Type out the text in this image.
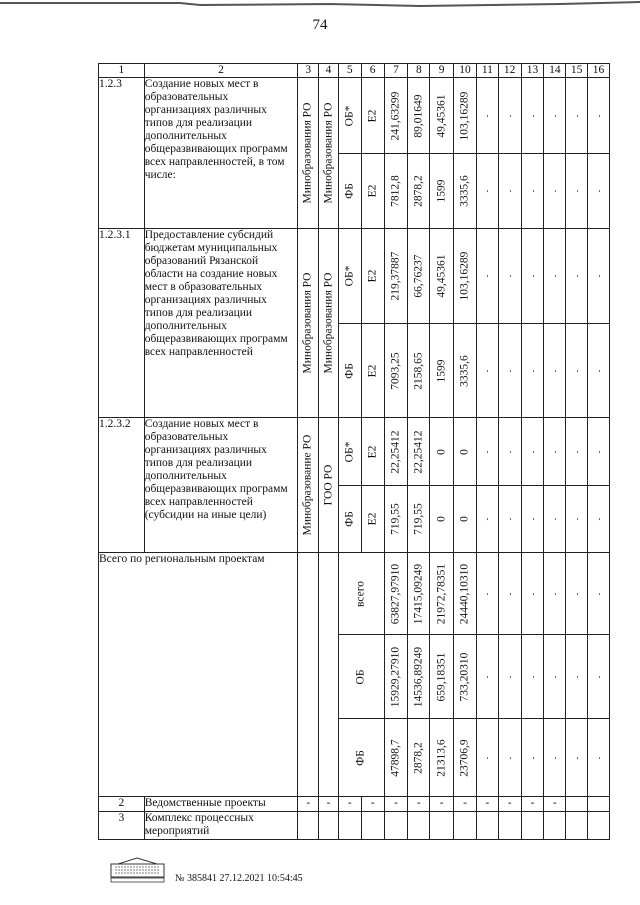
74
1	2	3	4	5	6	7	8	9	10	11	12	13	14	15	16
1.2.3	Создание новых мест в образовательных организациях различных типов для реализации дополнительных общеразвивающих программ всех направленностей, в том числе:	Минобразования РО	Минобразования РО	ОБ*	Е2	241,63299	89,01649	49,45361	103,16289	-	-	-	-	-	-

				ФБ	Е2	7812,8	2878,2	1599	3335,6	-	-	-	-	-	-

1.2.3.1	Предоставление субсидий бюджетам муниципальных образований Рязанской области на создание новых мест в образовательных организациях различных типов для реализации дополнительных общеразвивающих программ всех направленностей	Минобразования РО	Минобразования РО	ОБ*	Е2	219,37887	66,76237	49,45361	103,16289	-	-	-	-	-	-

				ФБ	Е2	7093,25	2158,65	1599	3335,6	-	-	-	-	-	-

1.2.3.2	Создание новых мест в образовательных организациях различных типов для реализации дополнительных общеразвивающих программ всех направленностей (субсидии на иные цели)	Минобразование РО	ГОО РО	ОБ*	Е2	22,25412	22,25412	0	0	-	-	-	-	-	-

				ФБ	Е2	719,55	719,55	0	0	-	-	-	-	-	-

Всего по региональным проектам				всего		63827,97910	17415,09249	21972,78351	24440,10310	-	-	-	-	-	-

				ОБ		15929,27910	14536,89249	659,18351	733,20310	-	-	-	-	-	-

				ФБ		47898,7	2878,2	21313,6	23706,9	-	-	-	-	-	-

2	Ведомственные проекты	-	-	-	-	-	-	-	-	-	-	-	-		
3	Комплекс процессных мероприятий														
№ 385841 27.12.2021 10:54:45
